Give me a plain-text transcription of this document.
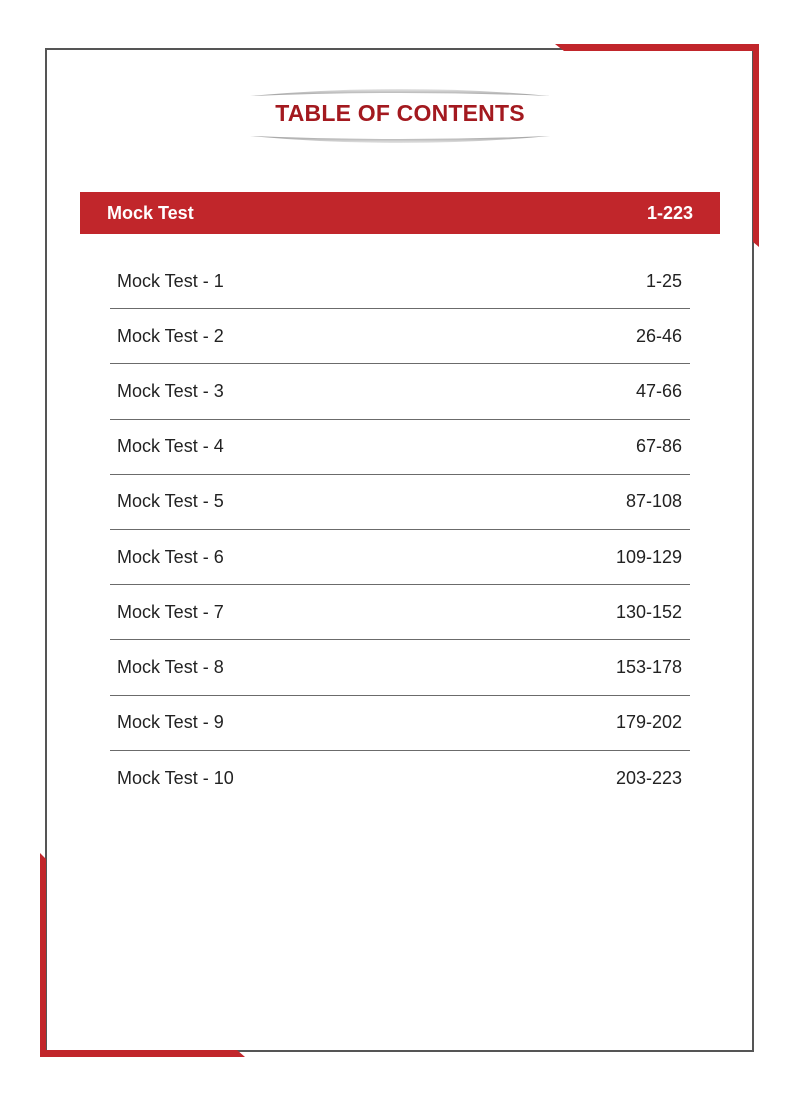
TABLE OF CONTENTS
Mock Test	1-223
Mock Test - 1	1-25
Mock Test - 2	26-46
Mock Test - 3	47-66
Mock Test - 4	67-86
Mock Test - 5	87-108
Mock Test - 6	109-129
Mock Test - 7	130-152
Mock Test - 8	153-178
Mock Test - 9	179-202
Mock Test - 10	203-223
